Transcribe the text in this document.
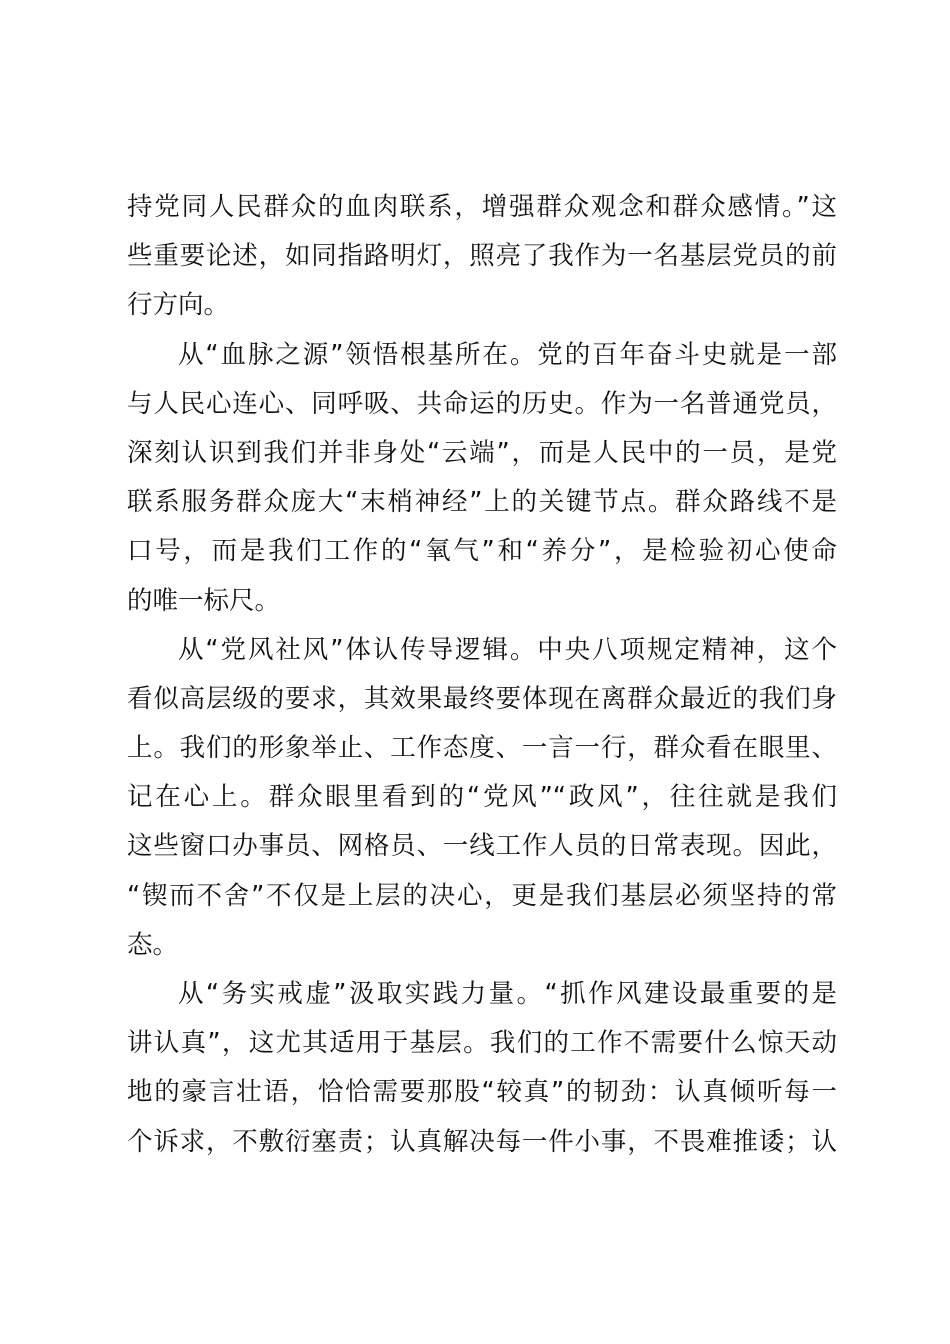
持党同人民群众的血肉联系，增强群众观念和群众感情。”这
些重要论述，如同指路明灯，照亮了我作为一名基层党员的前
行方向。
从“血脉之源”领悟根基所在。党的百年奋斗史就是一部
与人民心连心、同呼吸、共命运的历史。作为一名普通党员，
深刻认识到我们并非身处“云端”，而是人民中的一员，是党
联系服务群众庞大“末梢神经”上的关键节点。群众路线不是
口号，而是我们工作的“氧气”和“养分”，是检验初心使命
的唯一标尺。
从“党风社风”体认传导逻辑。中央八项规定精神，这个
看似高层级的要求，其效果最终要体现在离群众最近的我们身
上。我们的形象举止、工作态度、一言一行，群众看在眼里、
记在心上。群众眼里看到的“党风”“政风”，往往就是我们
这些窗口办事员、网格员、一线工作人员的日常表现。因此，
“锲而不舍”不仅是上层的决心，更是我们基层必须坚持的常
态。
从“务实戒虚”汲取实践力量。“抓作风建设最重要的是
讲认真”，这尤其适用于基层。我们的工作不需要什么惊天动
地的豪言壮语，恰恰需要那股“较真”的韧劲：认真倾听每一
个诉求，不敷衍塞责；认真解决每一件小事，不畏难推诿；认
